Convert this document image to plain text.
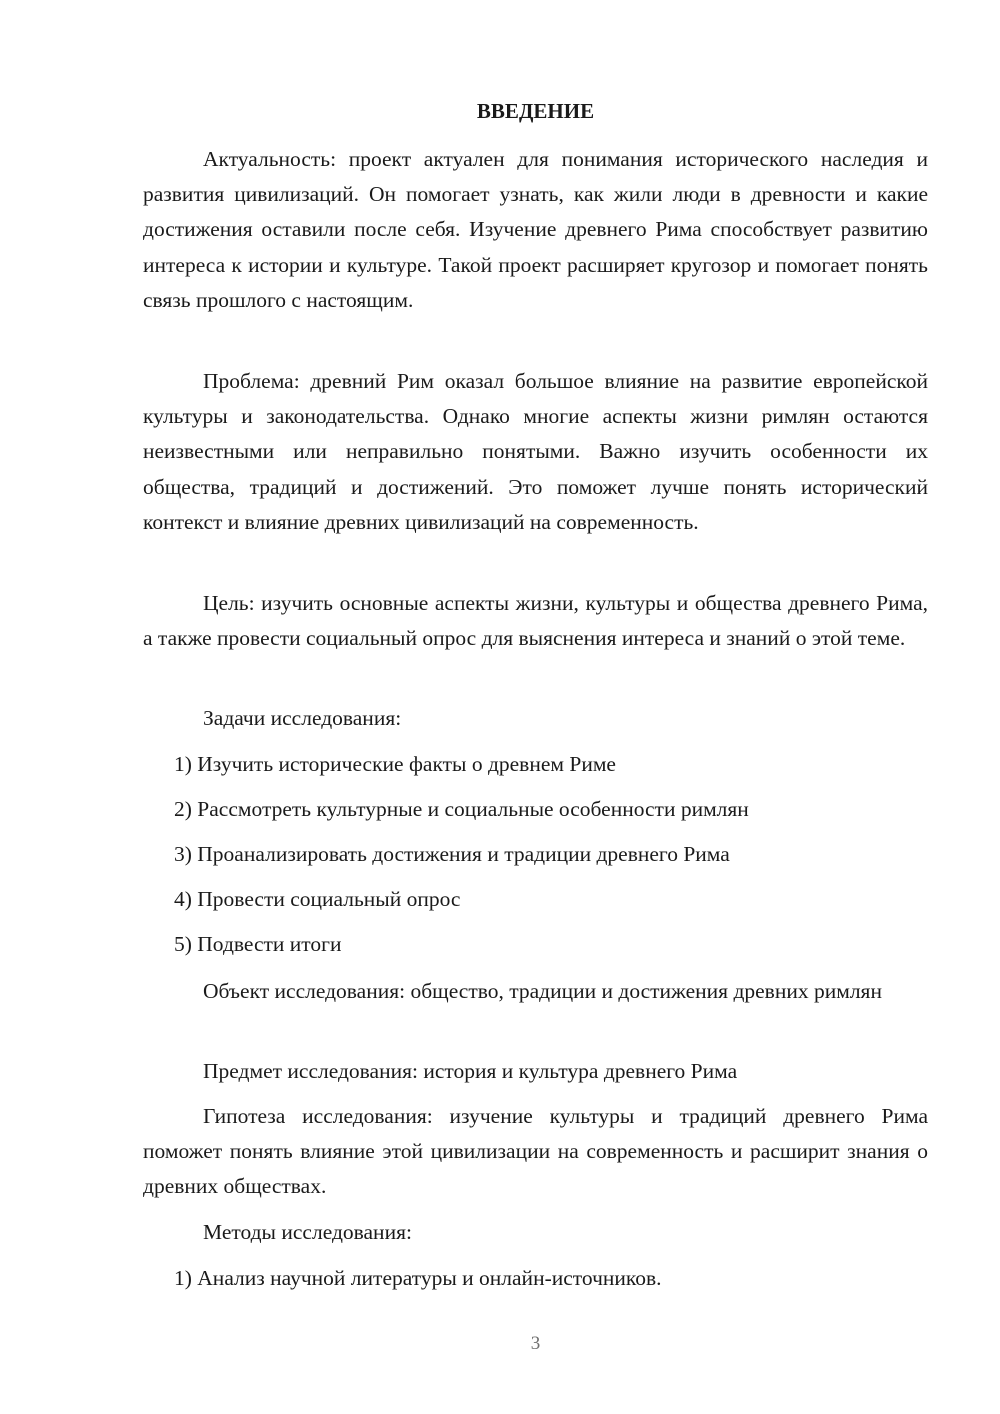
ВВЕДЕНИЕ

Актуальность: проект актуален для понимания исторического наследия и развития цивилизаций. Он помогает узнать, как жили люди в древности и какие достижения оставили после себя. Изучение древнего Рима способствует развитию интереса к истории и культуре. Такой проект расширяет кругозор и помогает понять связь прошлого с настоящим.

Проблема: древний Рим оказал большое влияние на развитие европейской культуры и законодательства. Однако многие аспекты жизни римлян остаются неизвестными или неправильно понятыми. Важно изучить особенности их общества, традиций и достижений. Это поможет лучше понять исторический контекст и влияние древних цивилизаций на современность.

Цель: изучить основные аспекты жизни, культуры и общества древнего Рима, а также провести социальный опрос для выяснения интереса и знаний о этой теме.

Задачи исследования:

1) Изучить исторические факты о древнем Риме

2) Рассмотреть культурные и социальные особенности римлян

3) Проанализировать достижения и традиции древнего Рима

4) Провести социальный опрос

5) Подвести итоги

Объект исследования: общество, традиции и достижения древних римлян

Предмет исследования: история и культура древнего Рима

Гипотеза исследования: изучение культуры и традиций древнего Рима поможет понять влияние этой цивилизации на современность и расширит знания о древних обществах.

Методы исследования:

1) Анализ научной литературы и онлайн-источников.

3
